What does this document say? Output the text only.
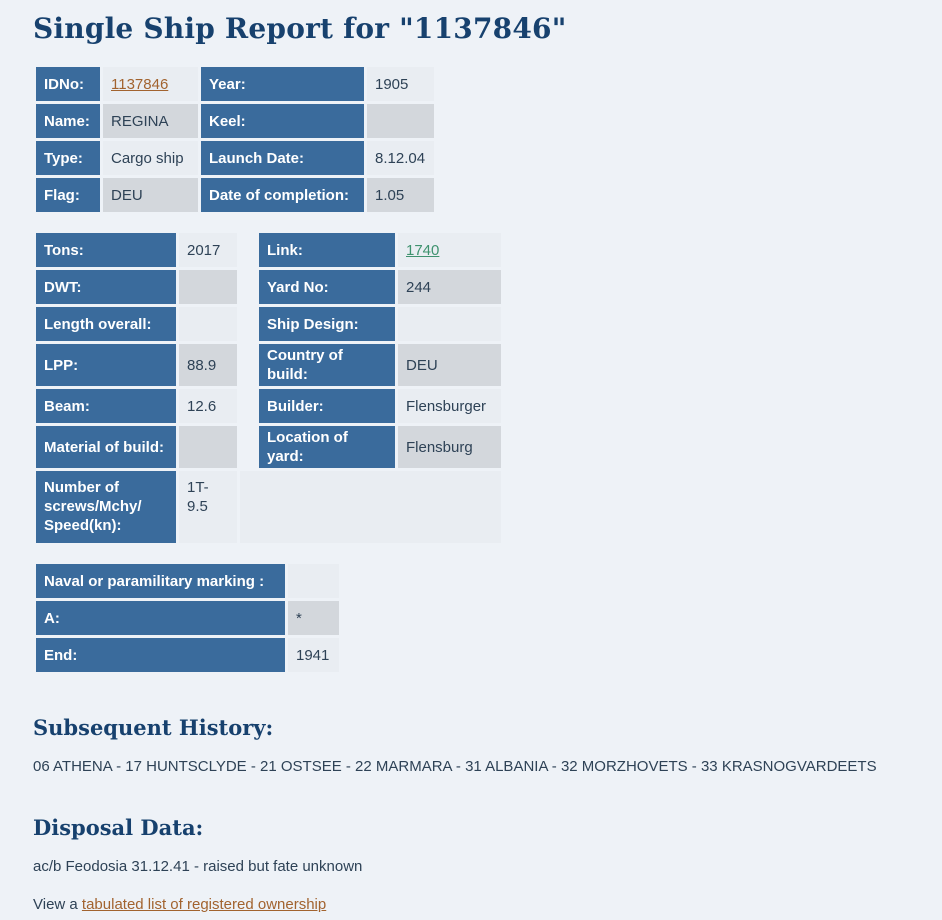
Single Ship Report for "1137846"
IDNo:	1137846	Year:	1905
Name:	REGINA	Keel:	
Type:	Cargo ship	Launch Date:	8.12.04
Flag:	DEU	Date of completion:	1.05
Tons:	2017		Link:	1740
DWT:			Yard No:	244
Length overall:			Ship Design:	
LPP:	88.9		Country of build:	DEU
Beam:	12.6		Builder:	Flensburger
Material of build:			Location of yard:	Flensburg
Number of screws/​Mchy/​Speed(kn):	1T-9.5			
Naval or paramilitary marking :	
A:	*
End:	1941
Subsequent History:

06 ATHENA - 17 HUNTSCLYDE - 21 OSTSEE - 22 MARMARA - 31 ALBANIA - 32 MORZHOVETS - 33 KRASNOGVARDEETS

Disposal Data:

ac/b Feodosia 31.12.41 - raised but fate unknown

View a tabulated list of registered ownership
